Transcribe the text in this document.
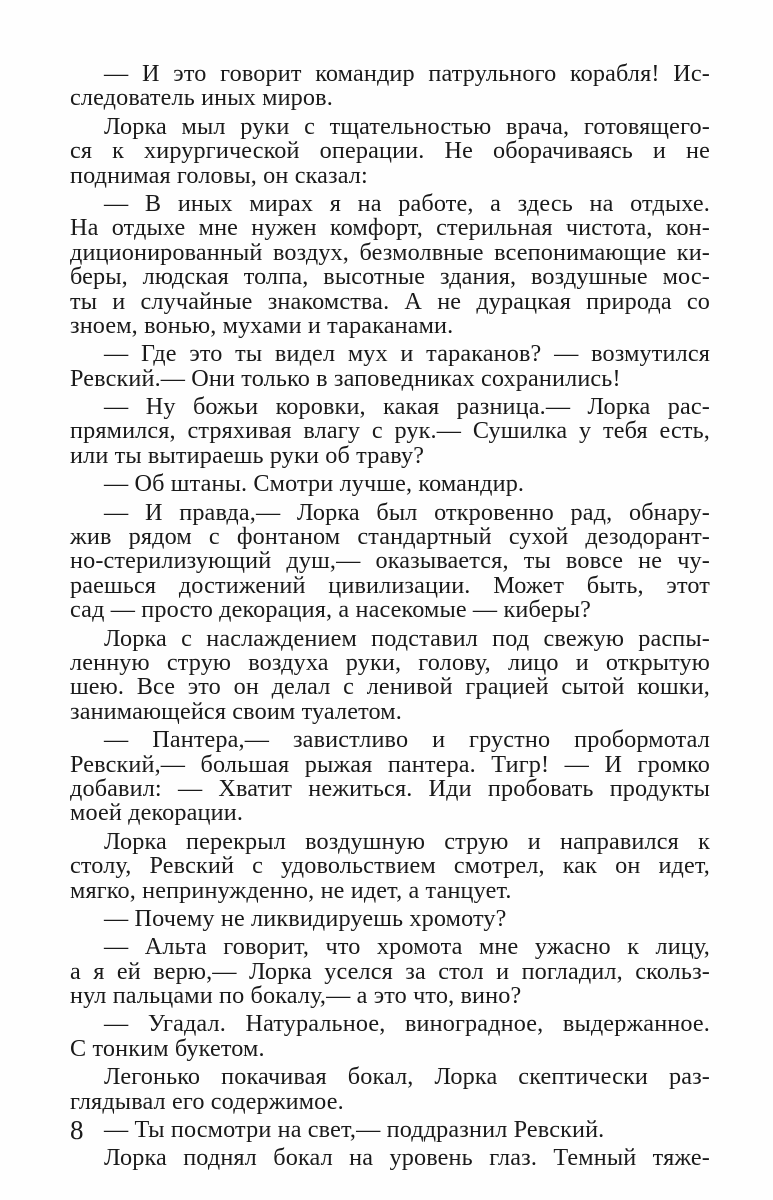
— И это говорит командир патрульного корабля! Ис-
следователь иных миров.
Лорка мыл руки с тщательностью врача, готовящего-
ся к хирургической операции. Не оборачиваясь и не
поднимая головы, он сказал:
— В иных мирах я на работе, а здесь на отдыхе.
На отдыхе мне нужен комфорт, стерильная чистота, кон-
диционированный воздух, безмолвные всепонимающие ки-
беры, людская толпа, высотные здания, воздушные мос-
ты и случайные знакомства. А не дурацкая природа со
зноем, вонью, мухами и тараканами.
— Где это ты видел мух и тараканов? — возмутился
Ревский.— Они только в заповедниках сохранились!
— Ну божьи коровки, какая разница.— Лорка рас-
прямился, стряхивая влагу с рук.— Сушилка у тебя есть,
или ты вытираешь руки об траву?
— Об штаны. Смотри лучше, командир.
— И правда,— Лорка был откровенно рад, обнару-
жив рядом с фонтаном стандартный сухой дезодорант-
но-стерилизующий душ,— оказывается, ты вовсе не чу-
раешься достижений цивилизации. Может быть, этот
сад — просто декорация, а насекомые — киберы?
Лорка с наслаждением подставил под свежую распы-
ленную струю воздуха руки, голову, лицо и открытую
шею. Все это он делал с ленивой грацией сытой кошки,
занимающейся своим туалетом.
— Пантера,— завистливо и грустно пробормотал
Ревский,— большая рыжая пантера. Тигр! — И громко
добавил: — Хватит нежиться. Иди пробовать продукты
моей декорации.
Лорка перекрыл воздушную струю и направился к
столу, Ревский с удовольствием смотрел, как он идет,
мягко, непринужденно, не идет, а танцует.
— Почему не ликвидируешь хромоту?
— Альта говорит, что хромота мне ужасно к лицу,
а я ей верю,— Лорка уселся за стол и погладил, скольз-
нул пальцами по бокалу,— а это что, вино?
— Угадал. Натуральное, виноградное, выдержанное.
С тонким букетом.
Легонько покачивая бокал, Лорка скептически раз-
глядывал его содержимое.
— Ты посмотри на свет,— поддразнил Ревский.
Лорка поднял бокал на уровень глаз. Темный тяже-
8
